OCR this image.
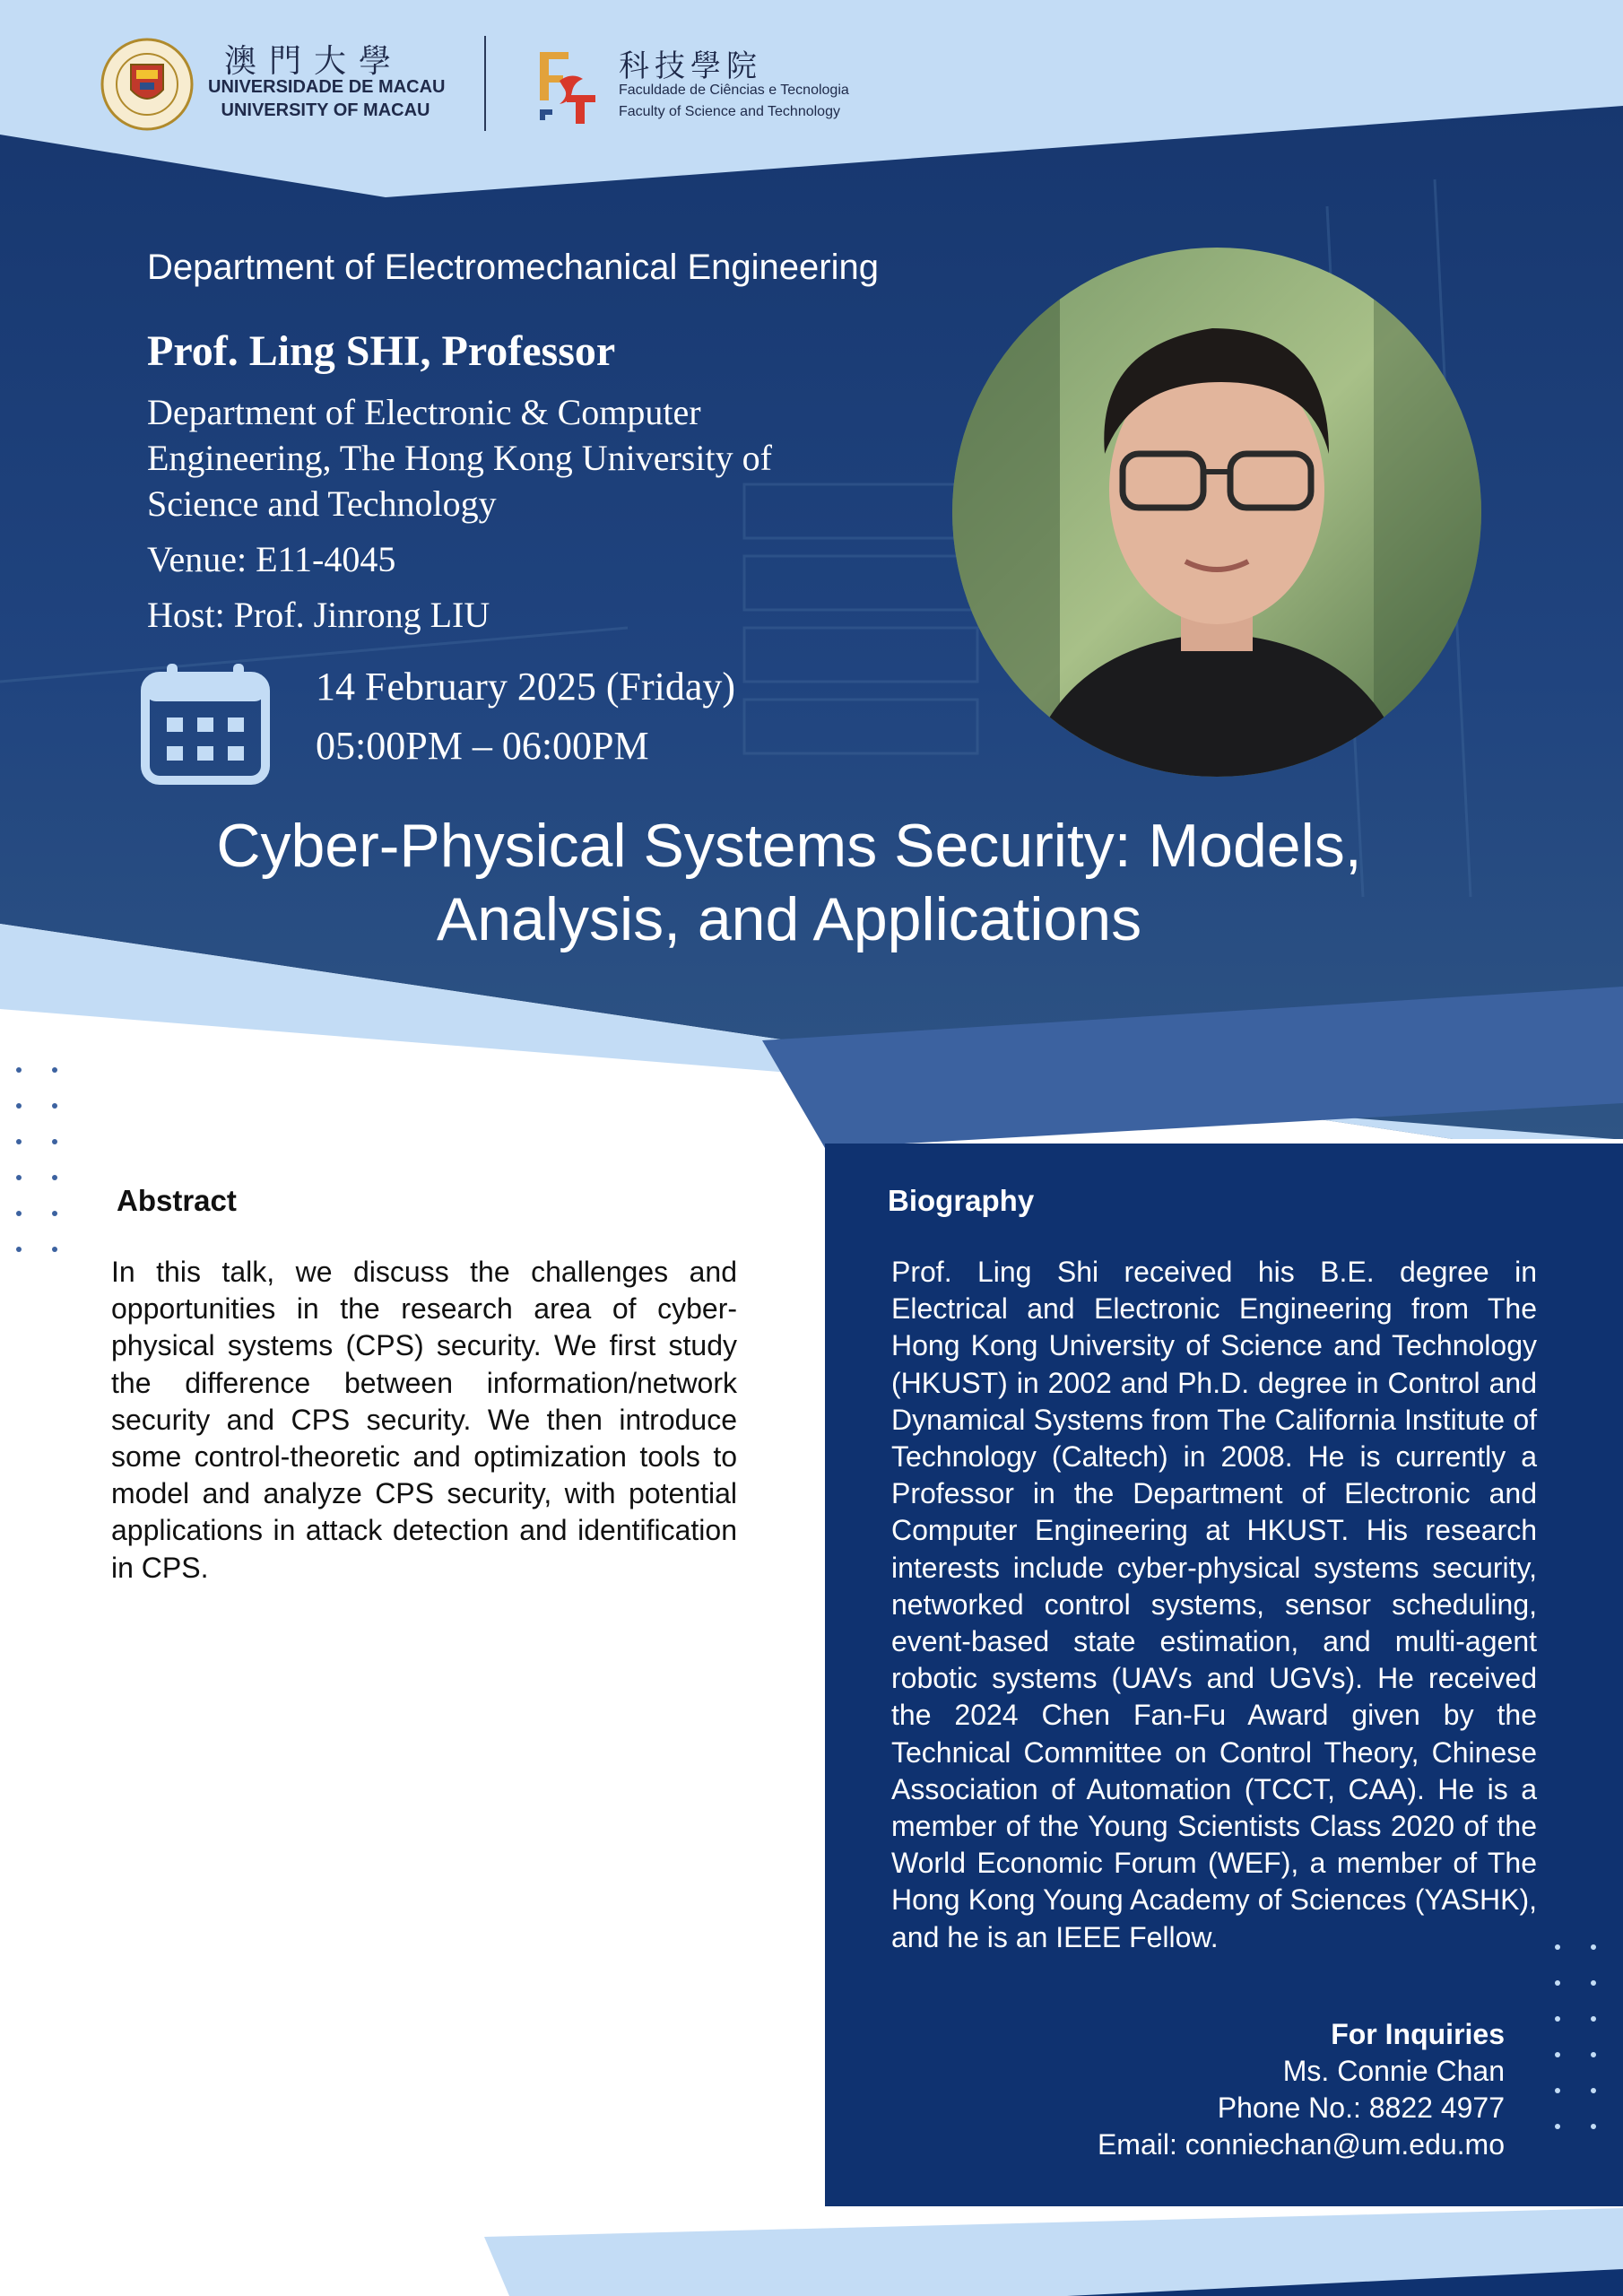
澳門大學
UNIVERSIDADE DE MACAU
UNIVERSITY OF MACAU
科技學院
Faculdade de Ciências e Tecnologia
Faculty of Science and Technology
Department of Electromechanical Engineering
Prof. Ling SHI, Professor
Department of Electronic & Computer Engineering, The Hong Kong University of Science and Technology
Venue: E11-4045
Host: Prof. Jinrong LIU
14 February 2025 (Friday)
05:00PM – 06:00PM
Cyber-Physical Systems Security: Models,
Analysis, and Applications
Abstract
In this talk, we discuss the challenges and opportunities in the research area of cyber-physical systems (CPS) security. We first study the difference between information/network security and CPS security. We then introduce some control-theoretic and optimization tools to model and analyze CPS security, with potential applications in attack detection and identification in CPS.
Biography
Prof. Ling Shi received his B.E. degree in Electrical and Electronic Engineering from The Hong Kong University of Science and Technology (HKUST) in 2002 and Ph.D. degree in Control and Dynamical Systems from The California Institute of Technology (Caltech) in 2008. He is currently a Professor in the Department of Electronic and Computer Engineering at HKUST. His research interests include cyber-physical systems security, networked control systems, sensor scheduling, event-based state estimation, and multi-agent robotic systems (UAVs and UGVs). He received the 2024 Chen Fan-Fu Award given by the Technical Committee on Control Theory, Chinese Association of Automation (TCCT, CAA). He is a member of the Young Scientists Class 2020 of the World Economic Forum (WEF), a member of The Hong Kong Young Academy of Sciences (YASHK), and he is an IEEE Fellow.
For Inquiries
Ms. Connie Chan
Phone No.: 8822 4977
Email: conniechan@um.edu.mo
